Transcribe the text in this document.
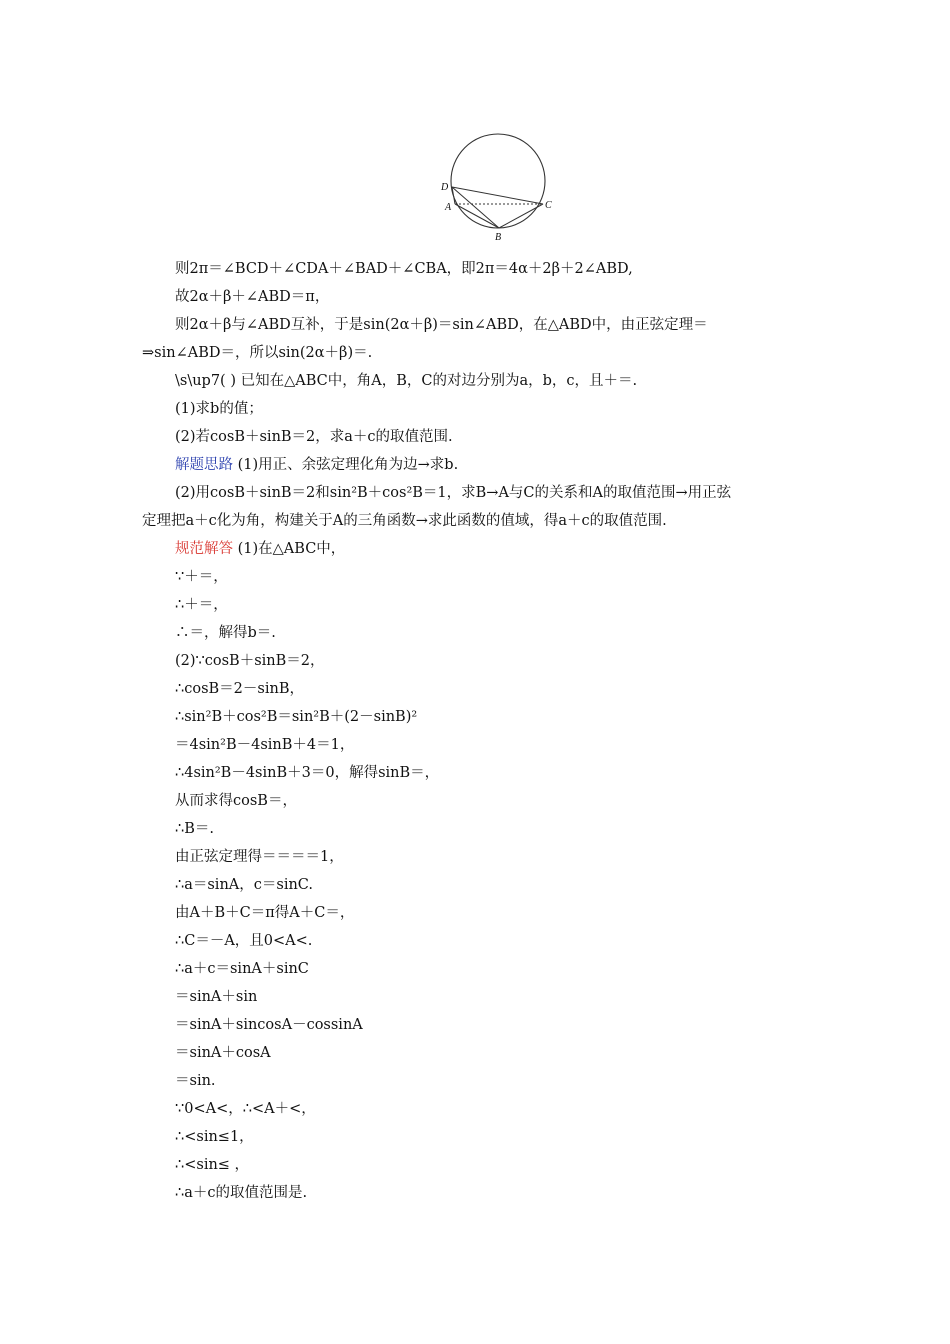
D
A	C
B
则2π＝∠BCD＋∠CDA＋∠BAD＋∠CBA，即2π＝4α＋2β＋2∠ABD,
故2α＋β＋∠ABD＝π，
则2α＋β与∠ABD互补，于是sin(2α＋β)＝sin∠ABD，在△ABD中，由正弦定理＝
⇒sin∠ABD＝，所以sin(2α＋β)＝.
\s\up7( ) 已知在△ABC中，角A，B，C的对边分别为a，b，c，且＋＝.
(1)求b的值；
(2)若cosB＋sinB＝2，求a＋c的取值范围.
解题思路 (1)用正、余弦定理化角为边→求b.
(2)用cosB＋sinB＝2和sin²B＋cos²B＝1，求B→A与C的关系和A的取值范围→用正弦
定理把a＋c化为角，构建关于A的三角函数→求此函数的值域，得a＋c的取值范围.
规范解答 (1)在△ABC中，
∵＋＝，
∴＋＝，
∴＝，解得b＝.
(2)∵cosB＋sinB＝2，
∴cosB＝2－sinB，
∴sin²B＋cos²B＝sin²B＋(2－sinB)²
＝4sin²B－4sinB＋4＝1，
∴4sin²B－4sinB＋3＝0，解得sinB＝，
从而求得cosB＝，
∴B＝.
由正弦定理得＝＝＝＝1，
∴a＝sinA，c＝sinC.
由A＋B＋C＝π得A＋C＝，
∴C＝－A，且0<A<.
∴a＋c＝sinA＋sinC
＝sinA＋sin
＝sinA＋sincosA－cossinA
＝sinA＋cosA
＝sin.
∵0<A<，∴<A＋<，
∴<sin≤1，
∴<sin≤ ，
∴a＋c的取值范围是.
